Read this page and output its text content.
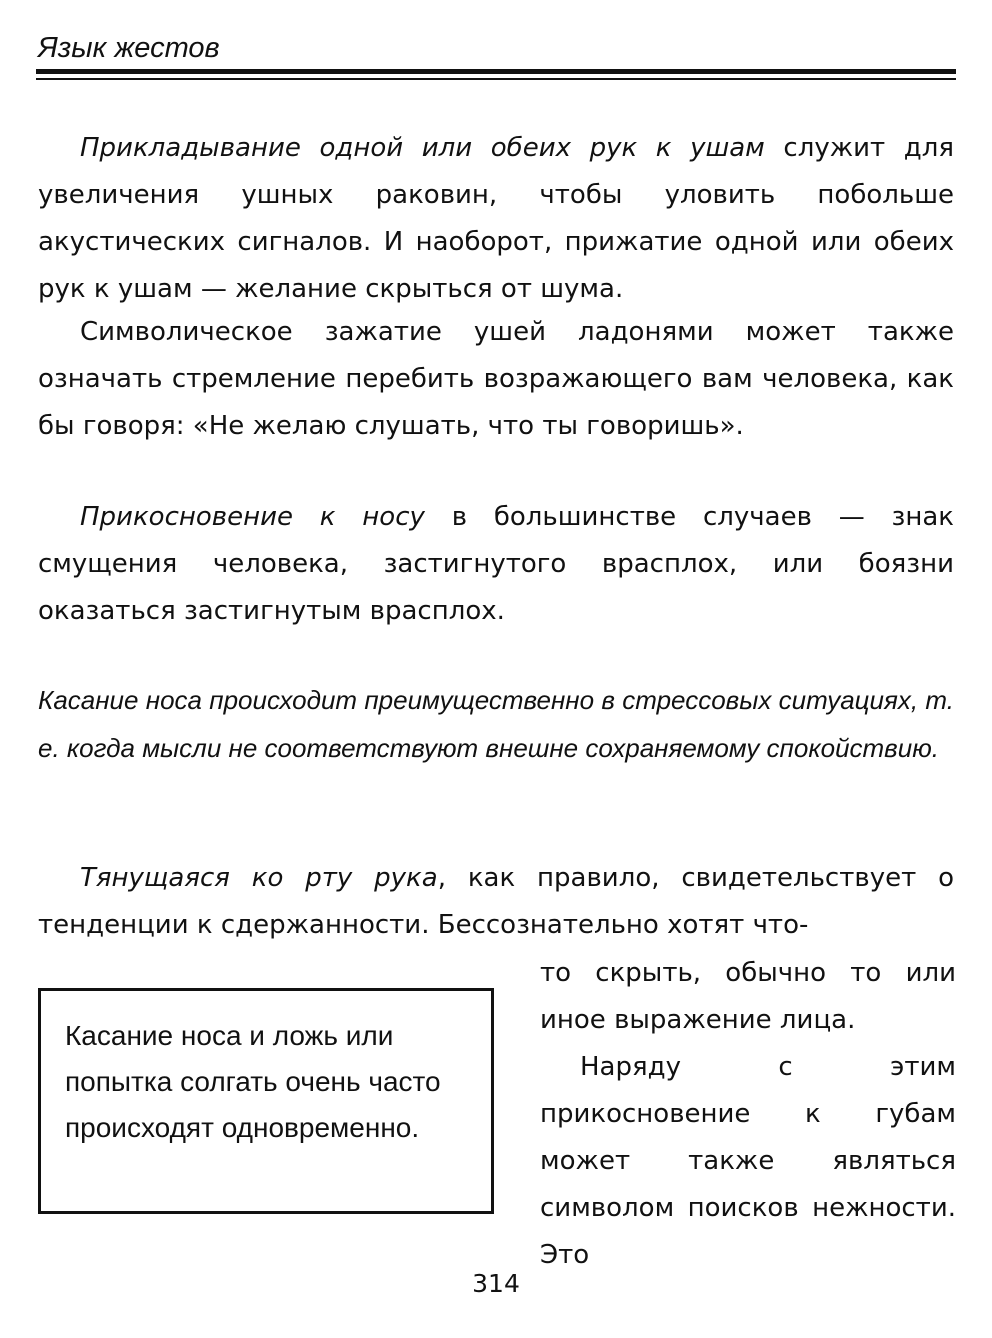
Язык жестов

Прикладывание одной или обеих рук к ушам служит для увеличения ушных раковин, чтобы уловить побольше акустических сигналов. И наоборот, прижатие одной или обеих рук к ушам — желание скрыться от шума.

Символическое зажатие ушей ладонями может также означать стремление перебить возражающего вам человека, как бы говоря: «Не желаю слушать, что ты говоришь».

Прикосновение к носу в большинстве случаев — знак смущения человека, застигнутого врасплох, или боязни оказаться застигнутым врасплох.

Касание носа происходит преимущественно в стрессовых ситуациях, т. е. когда мысли не соответствуют внешне сохраняемому спокойствию.

Тянущаяся ко рту рука, как правило, свидетельствует о тенденции к сдержанности. Бессознательно хотят что-

Касание носа и ложь или попытка солгать очень часто происходят одновременно.

то скрыть, обычно то или иное выражение лица.

Наряду с этим прикосновение к губам может также являться символом поисков нежности. Это

314
